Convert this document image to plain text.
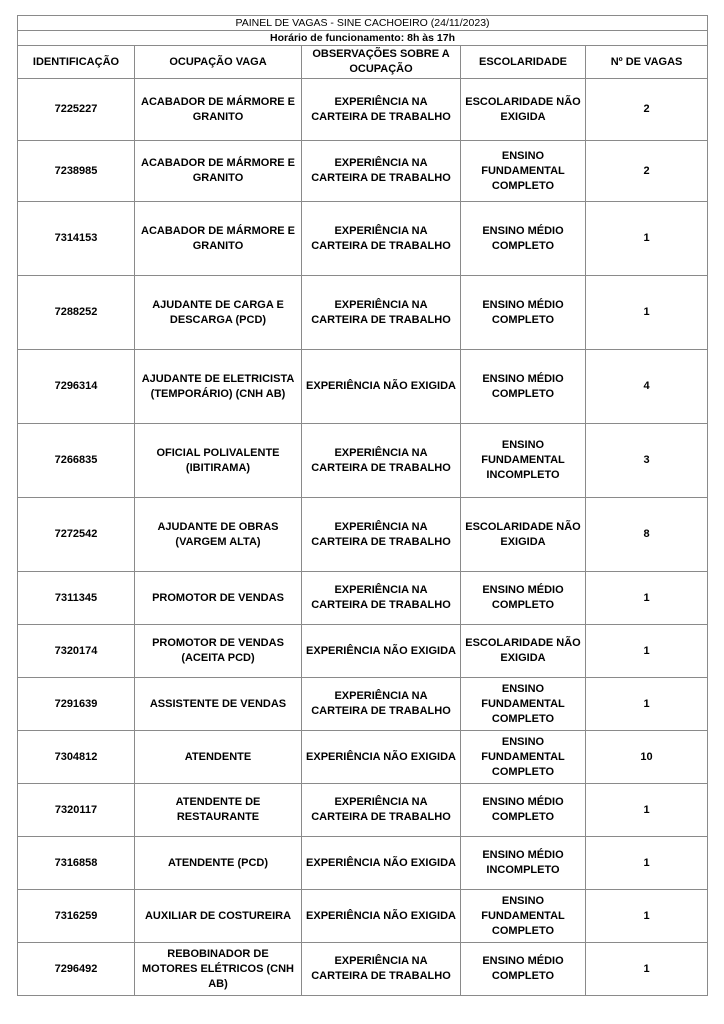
PAINEL DE VAGAS - SINE CACHOEIRO (24/11/2023)				
Horário de funcionamento: 8h às 17h				
IDENTIFICAÇÃO	OCUPAÇÃO VAGA	OBSERVAÇÕES SOBRE A OCUPAÇÃO	ESCOLARIDADE	Nº DE VAGAS
7225227	ACABADOR DE MÁRMORE E GRANITO	EXPERIÊNCIA NA CARTEIRA DE TRABALHO	ESCOLARIDADE NÃO EXIGIDA	2
7238985	ACABADOR DE MÁRMORE E GRANITO	EXPERIÊNCIA NA CARTEIRA DE TRABALHO	ENSINO FUNDAMENTAL COMPLETO	2
7314153	ACABADOR DE MÁRMORE E GRANITO	EXPERIÊNCIA NA CARTEIRA DE TRABALHO	ENSINO MÉDIO COMPLETO	1
7288252	AJUDANTE DE CARGA E DESCARGA (PCD)	EXPERIÊNCIA NA CARTEIRA DE TRABALHO	ENSINO MÉDIO COMPLETO	1
7296314	AJUDANTE DE ELETRICISTA (TEMPORÁRIO) (CNH AB)	EXPERIÊNCIA NÃO EXIGIDA	ENSINO MÉDIO COMPLETO	4
7266835	OFICIAL POLIVALENTE (IBITIRAMA)	EXPERIÊNCIA NA CARTEIRA DE TRABALHO	ENSINO FUNDAMENTAL INCOMPLETO	3
7272542	AJUDANTE DE OBRAS (VARGEM ALTA)	EXPERIÊNCIA NA CARTEIRA DE TRABALHO	ESCOLARIDADE NÃO EXIGIDA	8
7311345	PROMOTOR DE VENDAS	EXPERIÊNCIA NA CARTEIRA DE TRABALHO	ENSINO MÉDIO COMPLETO	1
7320174	PROMOTOR DE VENDAS (ACEITA PCD)	EXPERIÊNCIA NÃO EXIGIDA	ESCOLARIDADE NÃO EXIGIDA	1
7291639	ASSISTENTE DE VENDAS	EXPERIÊNCIA NA CARTEIRA DE TRABALHO	ENSINO FUNDAMENTAL COMPLETO	1
7304812	ATENDENTE	EXPERIÊNCIA NÃO EXIGIDA	ENSINO FUNDAMENTAL COMPLETO	10
7320117	ATENDENTE DE RESTAURANTE	EXPERIÊNCIA NA CARTEIRA DE TRABALHO	ENSINO MÉDIO COMPLETO	1
7316858	ATENDENTE (PCD)	EXPERIÊNCIA NÃO EXIGIDA	ENSINO MÉDIO INCOMPLETO	1
7316259	AUXILIAR DE COSTUREIRA	EXPERIÊNCIA NÃO EXIGIDA	ENSINO FUNDAMENTAL COMPLETO	1
7296492	REBOBINADOR DE MOTORES ELÉTRICOS (CNH AB)	EXPERIÊNCIA NA CARTEIRA DE TRABALHO	ENSINO MÉDIO COMPLETO	1
